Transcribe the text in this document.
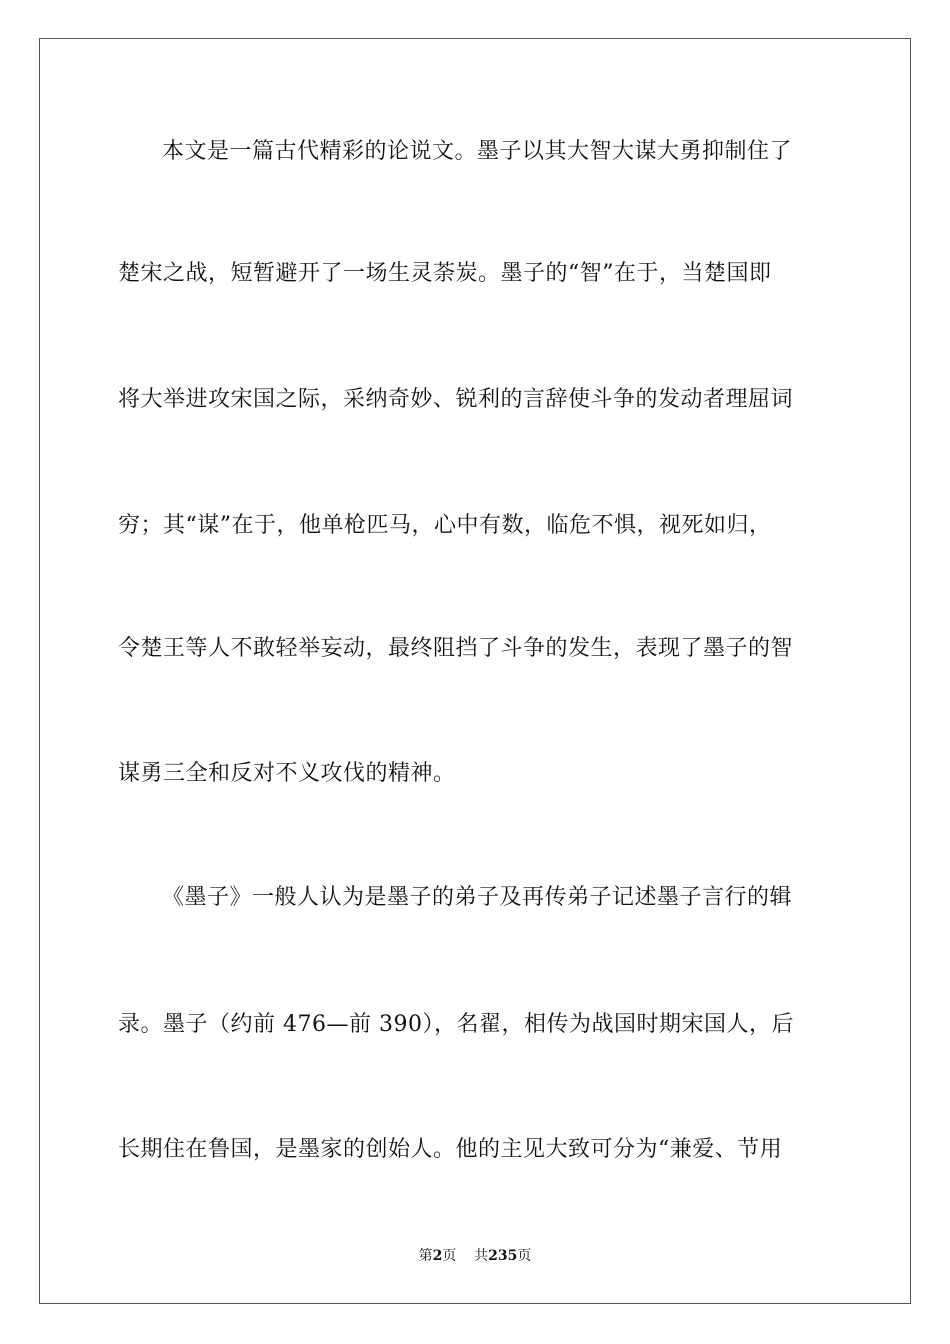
本文是一篇古代精彩的论说文。墨子以其大智大谋大勇抑制住了
楚宋之战，短暂避开了一场生灵荼炭。墨子的“智”在于，当楚国即
将大举进攻宋国之际，采纳奇妙、锐利的言辞使斗争的发动者理屈词
穷；其“谋”在于，他单枪匹马，心中有数，临危不惧，视死如归，
令楚王等人不敢轻举妄动，最终阻挡了斗争的发生，表现了墨子的智
谋勇三全和反对不义攻伐的精神。
《墨子》一般人认为是墨子的弟子及再传弟子记述墨子言行的辑
录。墨子（约前 476—前 390），名翟，相传为战国时期宋国人，后
长期住在鲁国，是墨家的创始人。他的主见大致可分为“兼爱、节用
第2页 共235页
